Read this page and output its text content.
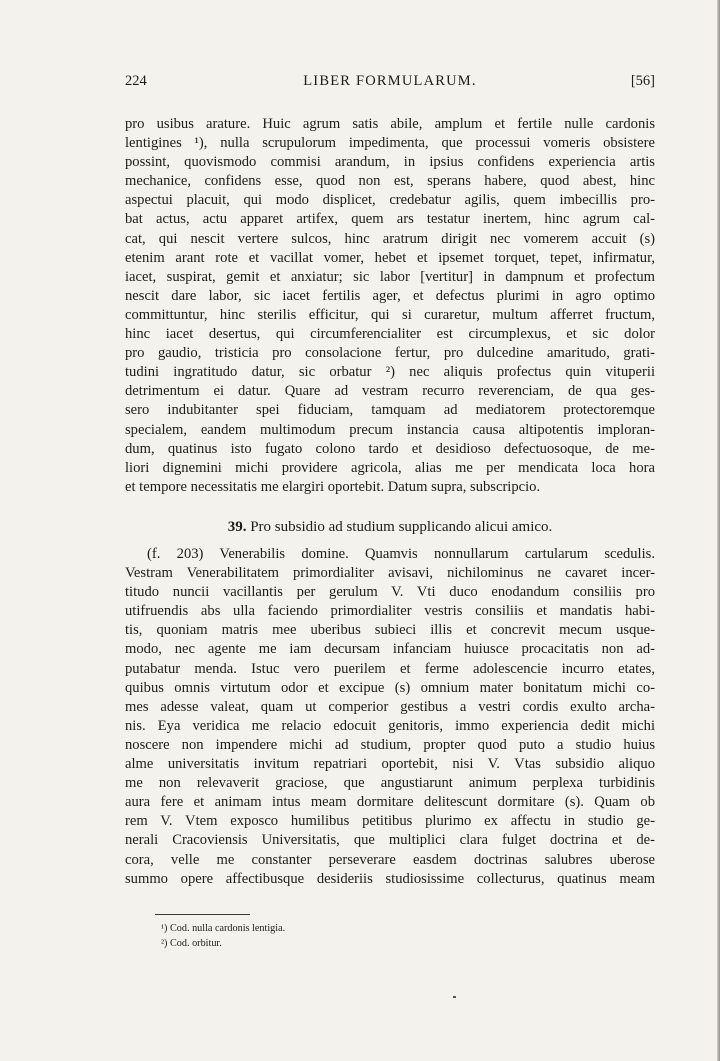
224	LIBER FORMULARUM.	[56]
pro usibus arature. Huic agrum satis abile, amplum et fertile nulle cardonis
lentigines ¹), nulla scrupulorum impedimenta, que processui vomeris obsistere
possint, quovismodo commisi arandum, in ipsius confidens experiencia artis
mechanice, confidens esse, quod non est, sperans habere, quod abest, hinc
aspectui placuit, qui modo displicet, credebatur agilis, quem imbecillis pro-
bat actus, actu apparet artifex, quem ars testatur inertem, hinc agrum cal-
cat, qui nescit vertere sulcos, hinc aratrum dirigit nec vomerem accuit (s)
etenim arant rote et vacillat vomer, hebet et ipsemet torquet, tepet, infirmatur,
iacet, suspirat, gemit et anxiatur; sic labor [vertitur] in dampnum et profectum
nescit dare labor, sic iacet fertilis ager, et defectus plurimi in agro optimo
committuntur, hinc sterilis efficitur, qui si curaretur, multum afferret fructum,
hinc iacet desertus, qui circumferencialiter est circumplexus, et sic dolor
pro gaudio, tristicia pro consolacione fertur, pro dulcedine amaritudo, grati-
tudini ingratitudo datur, sic orbatur ²) nec aliquis profectus quin vituperii
detrimentum ei datur. Quare ad vestram recurro reverenciam, de qua ges-
sero indubitanter spei fiduciam, tamquam ad mediatorem protectoremque
specialem, eandem multimodum precum instancia causa altipotentis imploran-
dum, quatinus isto fugato colono tardo et desidioso defectuosoque, de me-
liori dignemini michi providere agricola, alias me per mendicata loca hora
et tempore necessitatis me elargiri oportebit. Datum supra, subscripcio.
39. Pro subsidio ad studium supplicando alicui amico.
(f. 203) Venerabilis domine. Quamvis nonnullarum cartularum scedulis.
Vestram Venerabilitatem primordialiter avisavi, nichilominus ne cavaret incer-
titudo nuncii vacillantis per gerulum V. Vti duco enodandum consiliis pro
utifruendis abs ulla faciendo primordialiter vestris consiliis et mandatis habi-
tis, quoniam matris mee uberibus subieci illis et concrevit mecum usque-
modo, nec agente me iam decursam infanciam huiusce procacitatis non ad-
putabatur menda. Istuc vero puerilem et ferme adolescencie incurro etates,
quibus omnis virtutum odor et excipue (s) omnium mater bonitatum michi co-
mes adesse valeat, quam ut comperior gestibus a vestri cordis exulto archa-
nis. Eya veridica me relacio edocuit genitoris, immo experiencia dedit michi
noscere non impendere michi ad studium, propter quod puto a studio huius
alme universitatis invitum repatriari oportebit, nisi V. Vtas subsidio aliquo
me non relevaverit graciose, que angustiarunt animum perplexa turbidinis
aura fere et animam intus meam dormitare delitescunt dormitare (s). Quam ob
rem V. Vtem exposco humilibus petitibus plurimo ex affectu in studio ge-
nerali Cracoviensis Universitatis, que multiplici clara fulget doctrina et de-
cora, velle me constanter perseverare easdem doctrinas salubres uberose
summo opere affectibusque desideriis studiosissime collecturus, quatinus meam
¹) Cod. nulla cardonis lentigia.
²) Cod. orbitur.
